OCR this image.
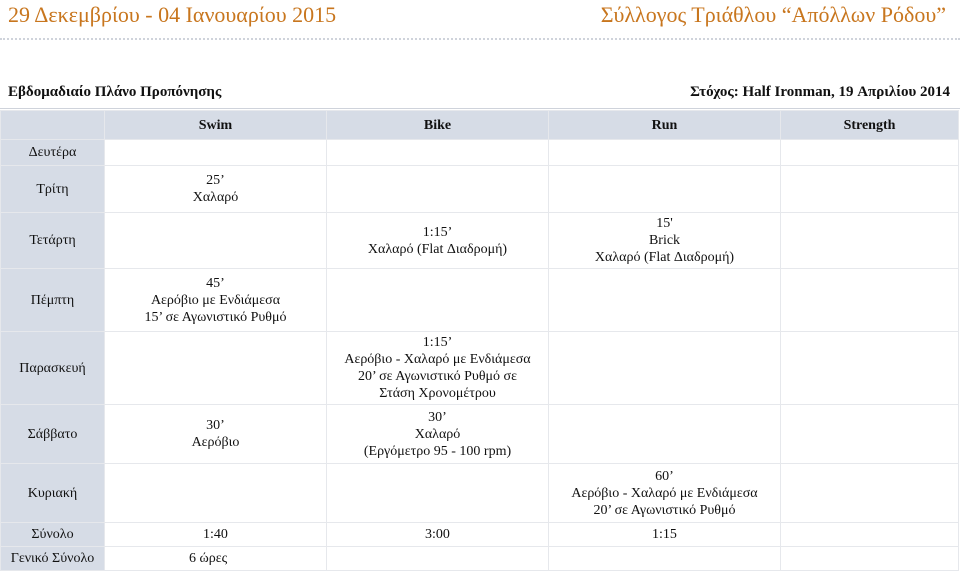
29 Δεκεμβρίου - 04 Ιανουαρίου 2015	Σύλλογος Τριάθλου “Απόλλων Ρόδου”
Εβδομαδιαίο Πλάνο Προπόνησης	Στόχος: Half Ironman, 19 Απριλίου 2014
	Swim	Bike	Run	Strength
Δευτέρα				
Τρίτη	25’
Χαλαρό			

Τετάρτη		1:15’
Χαλαρό (Flat Διαδρομή)	15'
Brick
Χαλαρό (Flat Διαδρομή)	

Πέμπτη	45’
Αερόβιο με Ενδιάμεσα
15’ σε Αγωνιστικό Ρυθμό			

Παρασκευή		1:15’
Αερόβιο - Χαλαρό με Ενδιάμεσα
20’ σε Αγωνιστικό Ρυθμό σε
Στάση Χρονομέτρου		

Σάββατο	30’
Αερόβιο	30’
Χαλαρό
(Εργόμετρο 95 - 100 rpm)		

Κυριακή			60’
Αερόβιο - Χαλαρό με Ενδιάμεσα
20’ σε Αγωνιστικό Ρυθμό	

Σύνολο	1:40	3:00	1:15	
Γενικό Σύνολο	6 ώρες			
